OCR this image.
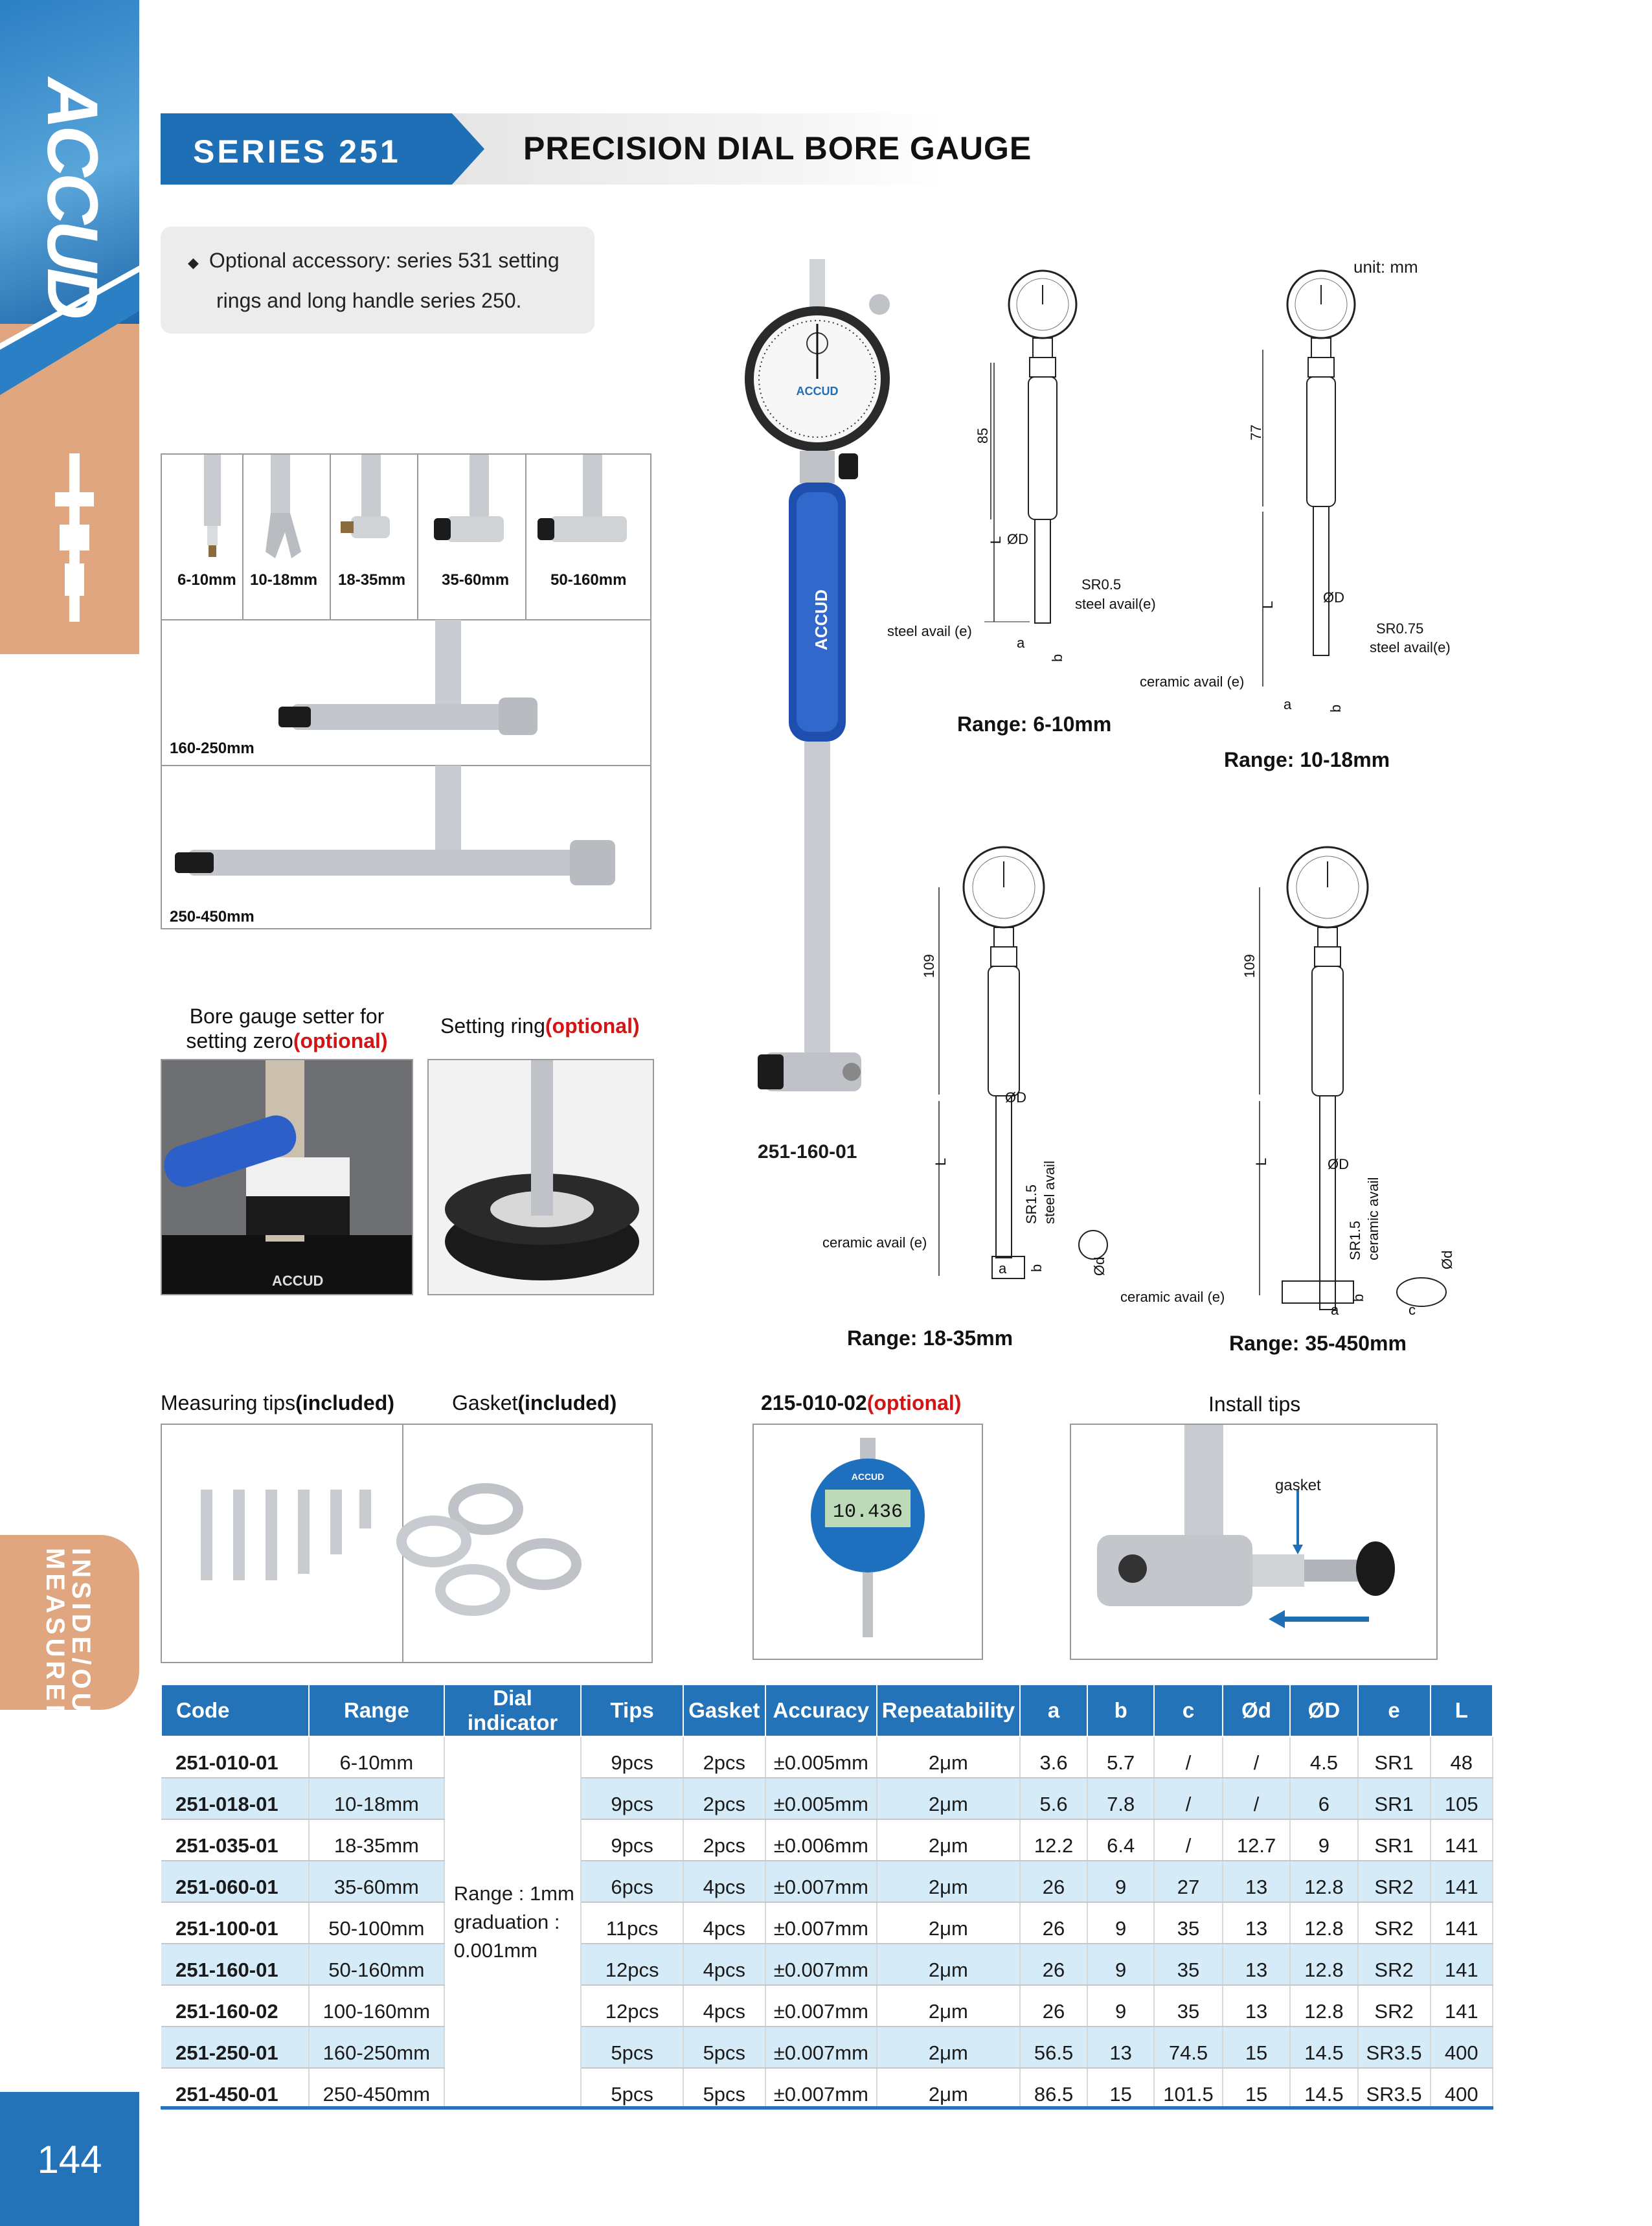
ACCUD
INSIDE/OUTSIDE
MEASUREMENT
144
SERIES 251	PRECISION DIAL BORE GAUGE
◆ Optional accessory: series 531 setting
rings and long handle series 250.
6-10mm 10-18mm 18-35mm 35-60mm	50-160mm
160-250mm
250-450mm
ACCUD
ACCUD
251-160-01
85
L ØD
SR0.5
steel avail(e)
steel avail (e)
a
b
Range: 6-10mm
77
L	ØD
SR0.75
steel avail(e)
ceramic avail (e)
a	b
unit: mm
Range: 10-18mm
109
L
ØD
SR1.5 steel avail
ceramic avail (e)
a b	Ød
Range: 18-35mm
109
L	ØD
SR1.5 ceramic avail
ceramic avail (e)
a
b
c
Ød
Range: 35-450mm
Bore gauge setter for
setting zero(optional)
Setting ring(optional)
ACCUD
Measuring tips(included)	Gasket(included)	215-010-02(optional)
10.436
ACCUD
Install tips
gasket
Code	Range	Dial indicator	Tips	Gasket	Accuracy	Repeatability	a	b	c	Ød	ØD	e	L
251-010-01	6-10mm	Range : 1mm
graduation :
0.001mm	9pcs	2pcs	±0.005mm	2μm	3.6	5.7	/	/	4.5	SR1	48
251-018-01	10-18mm		9pcs	2pcs	±0.005mm	2μm	5.6	7.8	/	/	6	SR1	105
251-035-01	18-35mm		9pcs	2pcs	±0.006mm	2μm	12.2	6.4	/	12.7	9	SR1	141
251-060-01	35-60mm		6pcs	4pcs	±0.007mm	2μm	26	9	27	13	12.8	SR2	141
251-100-01	50-100mm		11pcs	4pcs	±0.007mm	2μm	26	9	35	13	12.8	SR2	141
251-160-01	50-160mm		12pcs	4pcs	±0.007mm	2μm	26	9	35	13	12.8	SR2	141
251-160-02	100-160mm		12pcs	4pcs	±0.007mm	2μm	26	9	35	13	12.8	SR2	141
251-250-01	160-250mm		5pcs	5pcs	±0.007mm	2μm	56.5	13	74.5	15	14.5	SR3.5	400
251-450-01	250-450mm		5pcs	5pcs	±0.007mm	2μm	86.5	15	101.5	15	14.5	SR3.5	400
